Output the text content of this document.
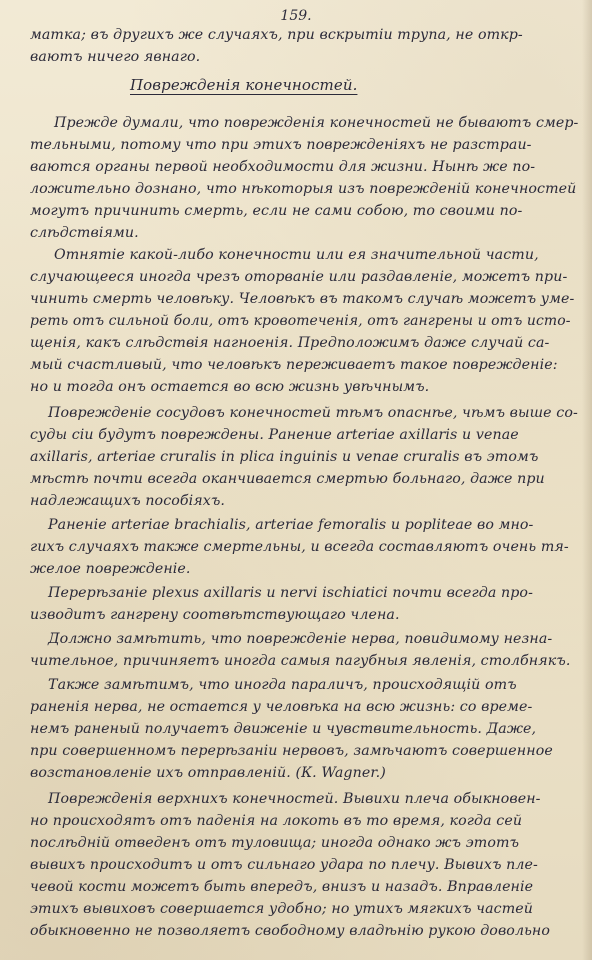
159.
матка; въ другихъ же случаяхъ, при вскрытіи трупа, не откр-
ваютъ ничего явнаго.
Поврежденія конечностей.
Прежде думали, что поврежденія конечностей не бываютъ смер-
тельными, потому что при этихъ поврежденіяхъ не разстраи-
ваются органы первой необходимости для жизни. Нынѣ же по-
ложительно дознано, что нѣкоторыя изъ поврежденій конечностей
могутъ причинить смерть, если не сами собою, то своими по-
слѣдствіями.
Отнятіе какой-либо конечности или ея значительной части,
случающееся иногда чрезъ оторваніе или раздавленіе, можетъ при-
чинить смерть человѣку. Человѣкъ въ такомъ случаѣ можетъ уме-
реть отъ сильной боли, отъ кровотеченія, отъ гангрены и отъ исто-
щенія, какъ слѣдствія нагноенія. Предположимъ даже случай са-
мый счастливый, что человѣкъ переживаетъ такое поврежденіе:
но и тогда онъ остается во всю жизнь увѣчнымъ.
Поврежденіе сосудовъ конечностей тѣмъ опаснѣе, чѣмъ выше со-
суды сіи будутъ повреждены. Ранение arteriae axillaris и venae
axillaris, arteriae cruralis in plica inguinis и venae cruralis въ этомъ
мѣстѣ почти всегда оканчивается смертью больнаго, даже при
надлежащихъ пособіяхъ.
Раненіе arteriae brachialis, arteriae femoralis и poplitеae во мно-
гихъ случаяхъ также смертельны, и всегда составляютъ очень тя-
желое поврежденіе.
Перерѣзаніе plexus axillaris и nervi ischiatici почти всегда про-
изводитъ гангрену соотвѣтствующаго члена.
Должно замѣтить, что поврежденіе нерва, повидимому незна-
чительное, причиняетъ иногда самыя пагубныя явленія, столбнякъ.
Также замѣтимъ, что иногда параличъ, происходящій отъ
раненія нерва, не остается у человѣка на всю жизнь: со време-
немъ раненый получаетъ движеніе и чувствительность. Даже,
при совершенномъ перерѣзаніи нервовъ, замѣчаютъ совершенное
возстановленіе ихъ отправленій. (К. Wagner.)
Поврежденія верхнихъ конечностей. Вывихи плеча обыкновен-
но происходятъ отъ паденія на локоть въ то время, когда сей
послѣдній отведенъ отъ туловища; иногда однако жъ этотъ
вывихъ происходитъ и отъ сильнаго удара по плечу. Вывихъ пле-
чевой кости можетъ быть впередъ, внизъ и назадъ. Вправленіе
этихъ вывиховъ совершается удобно; но утихъ мягкихъ частей
обыкновенно не позволяетъ свободному владѣнію рукою довольно
